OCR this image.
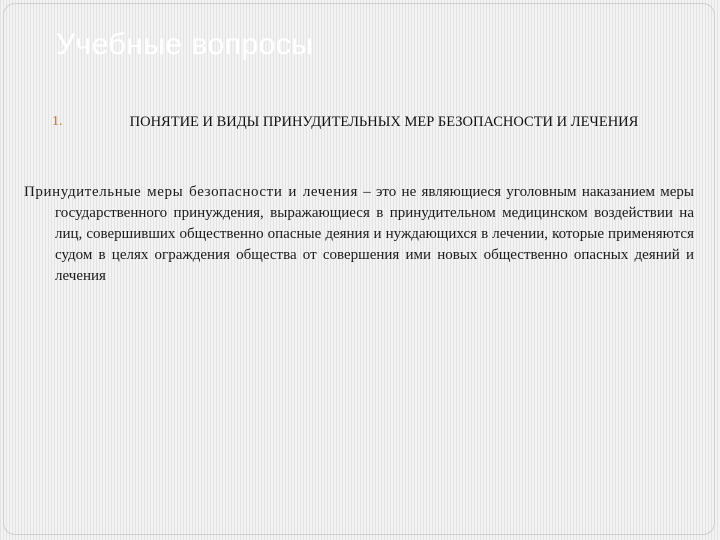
Учебные вопросы
1.	ПОНЯТИЕ И ВИДЫ ПРИНУДИТЕЛЬНЫХ МЕР БЕЗОПАСНОСТИ И ЛЕЧЕНИЯ

Принудительные меры безопасности и лечения – это не являющиеся уголовным наказанием меры государственного принуждения, выражающиеся в принудительном медицинском воздействии на лиц, совершивших общественно опасные деяния и нуждающихся в лечении, которые применяются судом в целях ограждения общества от совершения ими новых общественно опасных деяний и лечения
